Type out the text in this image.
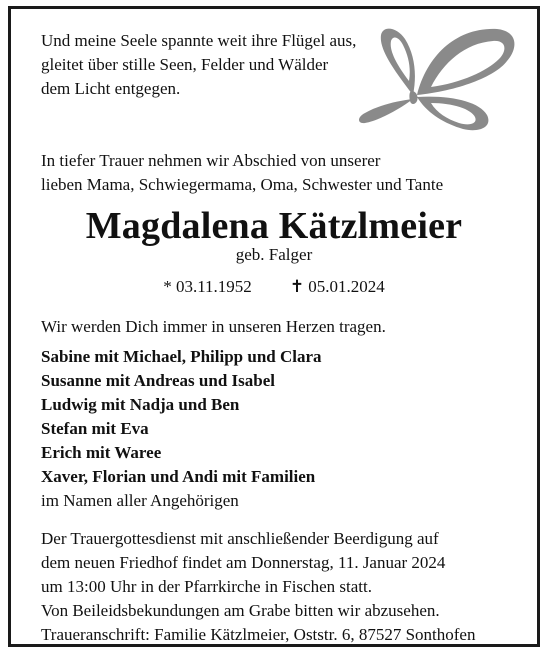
Und meine Seele spannte weit ihre Flügel aus,
gleitet über stille Seen, Felder und Wälder
dem Licht entgegen.
In tiefer Trauer nehmen wir Abschied von unserer
lieben Mama, Schwiegermama, Oma, Schwester und Tante
Magdalena Kätzlmeier
geb. Falger
* 03.11.1952 ✝ 05.01.2024
Wir werden Dich immer in unseren Herzen tragen.
Sabine mit Michael, Philipp und Clara
Susanne mit Andreas und Isabel
Ludwig mit Nadja und Ben
Stefan mit Eva
Erich mit Waree
Xaver, Florian und Andi mit Familien
im Namen aller Angehörigen
Der Trauergottesdienst mit anschließender Beerdigung auf
dem neuen Friedhof findet am Donnerstag, 11. Januar 2024
um 13:00 Uhr in der Pfarrkirche in Fischen statt.
Von Beileidsbekundungen am Grabe bitten wir abzusehen.
Traueranschrift: Familie Kätzlmeier, Oststr. 6, 87527 Sonthofen
